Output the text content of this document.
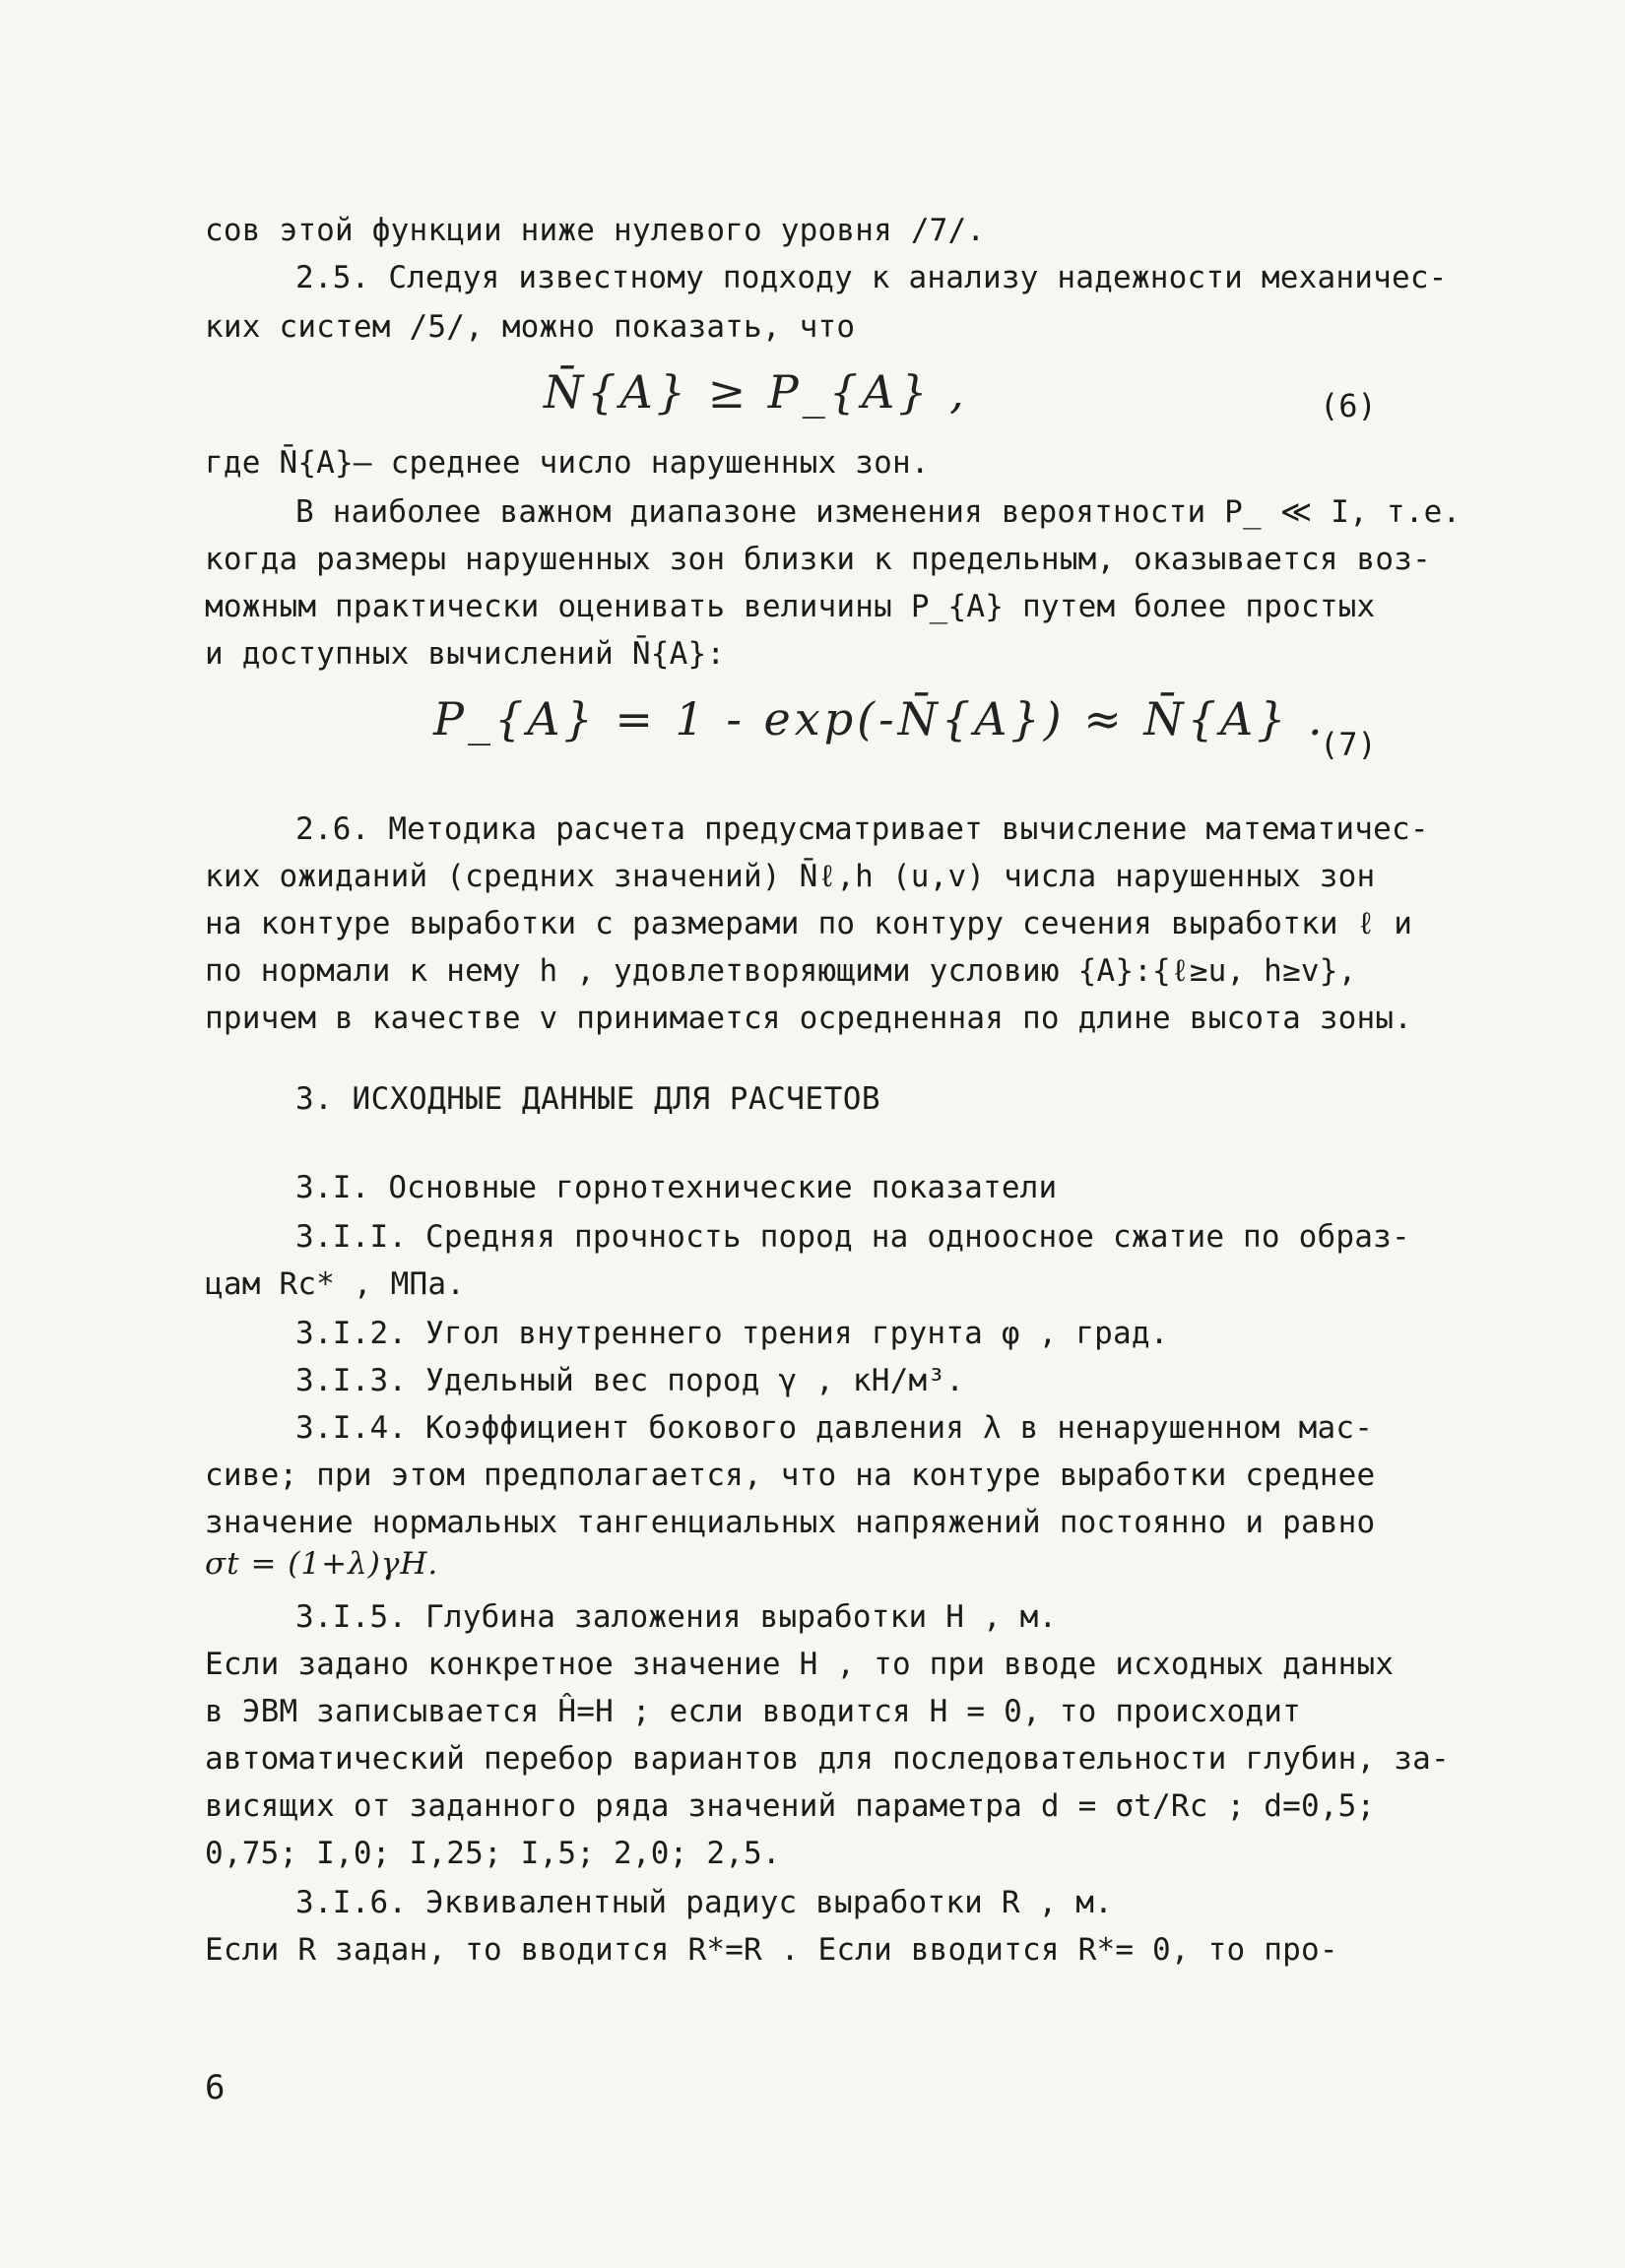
сов этой функции ниже нулевого уровня /7/.
2.5. Следуя известному подходу к анализу надежности механичес-
ких систем /5/, можно показать, что
N̄{A} ≥ P_{A} ,	(6)
где N̄{A}– среднее число нарушенных зон.
В наиболее важном диапазоне изменения вероятности P_ ≪ I, т.е.
когда размеры нарушенных зон близки к предельным, оказывается воз-
можным практически оценивать величины P_{A} путем более простых
и доступных вычислений N̄{A}:
P_{A} = 1 - exp(-N̄{A}) ≈ N̄{A} .
(7)
2.6. Методика расчета предусматривает вычисление математичес-
ких ожиданий (средних значений) N̄ℓ,h (u,v) числа нарушенных зон
на контуре выработки с размерами по контуру сечения выработки ℓ и
по нормали к нему h , удовлетворяющими условию {A}:{ℓ≥u, h≥v},
причем в качестве v принимается осредненная по длине высота зоны.
3. ИСХОДНЫЕ ДАННЫЕ ДЛЯ РАСЧЕТОВ
3.I. Основные горнотехнические показатели
3.I.I. Средняя прочность пород на одноосное сжатие по образ-
цам Rc* , МПа.
3.I.2. Угол внутреннего трения грунта φ , град.
3.I.3. Удельный вес пород γ , кН/м³.
3.I.4. Коэффициент бокового давления λ в ненарушенном мас-
сиве; при этом предполагается, что на контуре выработки среднее
значение нормальных тангенциальных напряжений постоянно и равно
σt = (1+λ)γH.
3.I.5. Глубина заложения выработки H , м.
Если задано конкретное значение H , то при вводе исходных данных
в ЭВМ записывается Ĥ=H ; если вводится H = 0, то происходит
автоматический перебор вариантов для последовательности глубин, за-
висящих от заданного ряда значений параметра d = σt/Rc ; d=0,5;
0,75; I,0; I,25; I,5; 2,0; 2,5.
3.I.6. Эквивалентный радиус выработки R , м.
Если R задан, то вводится R*=R . Если вводится R*= 0, то про-
6
